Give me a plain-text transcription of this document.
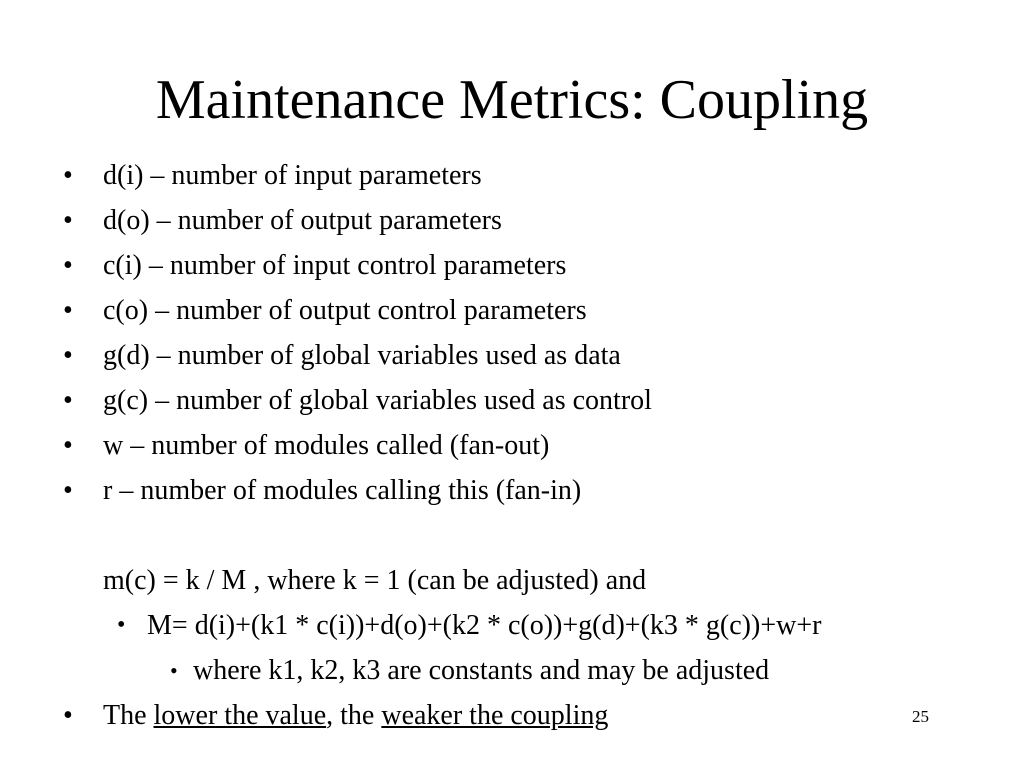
Maintenance Metrics: Coupling
• d(i) – number of input parameters
• d(o) – number of output parameters
• c(i) – number of input control parameters
• c(o) – number of output control parameters
• g(d) – number of global variables used as data
• g(c) – number of global variables used as control
• w – number of modules called (fan-out)
• r – number of modules calling this (fan-in)
m(c) = k / M , where k = 1 (can be adjusted) and
• M= d(i)+(k1 * c(i))+d(o)+(k2 * c(o))+g(d)+(k3 * g(c))+w+r
• where k1, k2, k3 are constants and may be adjusted
• The lower the value, the weaker the coupling	25
